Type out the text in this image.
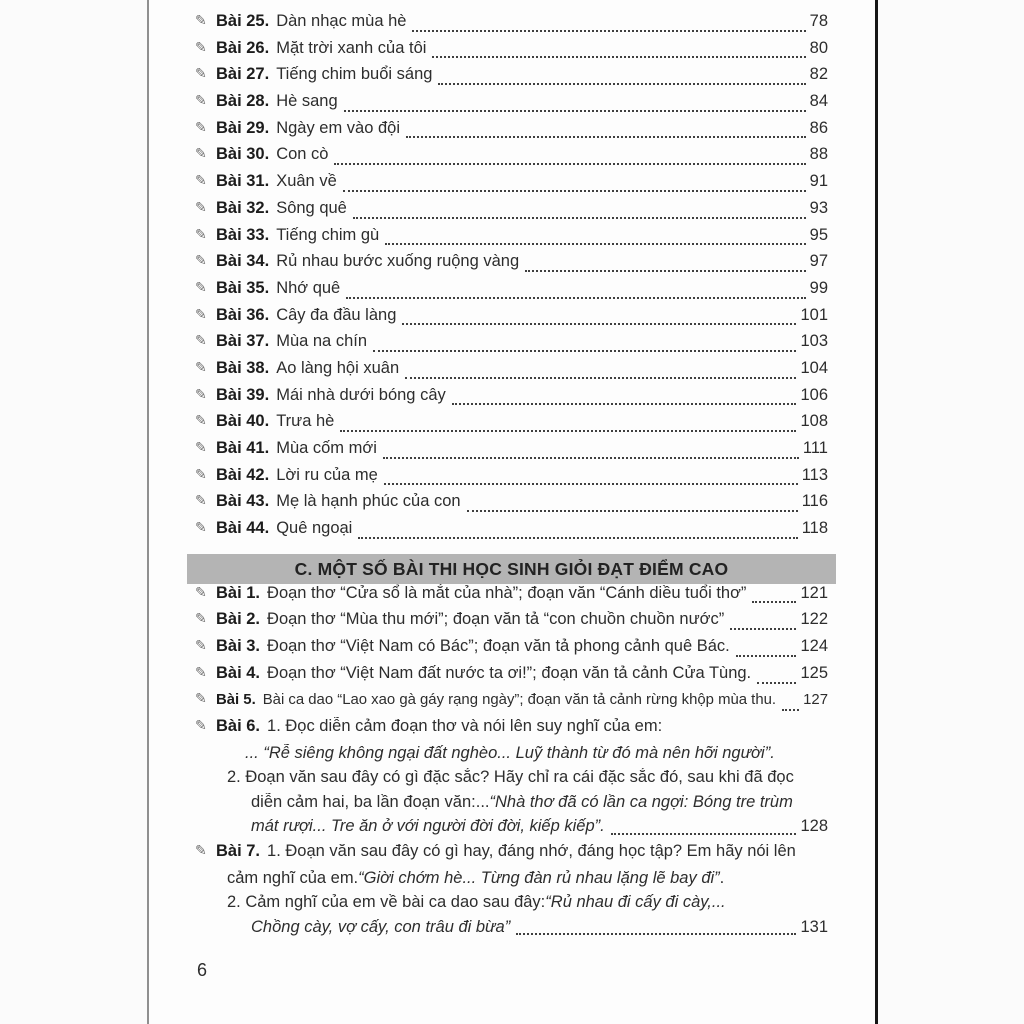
✎ Bài 25. Dàn nhạc mùa hè	78
✎ Bài 26. Mặt trời xanh của tôi	80
✎ Bài 27. Tiếng chim buổi sáng	82
✎ Bài 28. Hè sang	84
✎ Bài 29. Ngày em vào đội	86
✎ Bài 30. Con cò	88
✎ Bài 31. Xuân về	91
✎ Bài 32. Sông quê	93
✎ Bài 33. Tiếng chim gù	95
✎ Bài 34. Rủ nhau bước xuống ruộng vàng	97
✎ Bài 35. Nhớ quê	99
✎ Bài 36. Cây đa đầu làng	101
✎ Bài 37. Mùa na chín	103
✎ Bài 38. Ao làng hội xuân	104
✎ Bài 39. Mái nhà dưới bóng cây	106
✎ Bài 40. Trưa hè	108
✎ Bài 41. Mùa cốm mới	111
✎ Bài 42. Lời ru của mẹ	113
✎ Bài 43. Mẹ là hạnh phúc của con	116
✎ Bài 44. Quê ngoại	118
C. MỘT SỐ BÀI THI HỌC SINH GIỎI ĐẠT ĐIỂM CAO
✎ Bài 1. Đoạn thơ “Cửa sổ là mắt của nhà”; đoạn văn “Cánh diều tuổi thơ”	121
✎ Bài 2. Đoạn thơ “Mùa thu mới”; đoạn văn tả “con chuồn chuồn nước”	122
✎ Bài 3. Đoạn thơ “Việt Nam có Bác”; đoạn văn tả phong cảnh quê Bác.	124
✎ Bài 4. Đoạn thơ “Việt Nam đất nước ta ơi!”; đoạn văn tả cảnh Cửa Tùng.	125
✎ Bài 5. Bài ca dao “Lao xao gà gáy rạng ngày”; đoạn văn tả cảnh rừng khộp mùa thu. 127
✎ Bài 6. 1. Đọc diễn cảm đoạn thơ và nói lên suy nghĩ của em:
... “Rễ siêng không ngại đất nghèo... Luỹ thành từ đó mà nên hỡi người”.
2. Đoạn văn sau đây có gì đặc sắc? Hãy chỉ ra cái đặc sắc đó, sau khi đã đọc
diễn cảm hai, ba lần đoạn văn:... “Nhà thơ đã có lần ca ngợi: Bóng tre trùm
mát rượi... Tre ăn ở với người đời đời, kiếp kiếp”.	128
✎ Bài 7. 1. Đoạn văn sau đây có gì hay, đáng nhớ, đáng học tập? Em hãy nói lên
cảm nghĩ của em. “Giời chớm hè... Từng đàn rủ nhau lặng lẽ bay đi” .
2. Cảm nghĩ của em về bài ca dao sau đây: “Rủ nhau đi cấy đi cày,...
Chồng cày, vợ cấy, con trâu đi bừa”	131
6
